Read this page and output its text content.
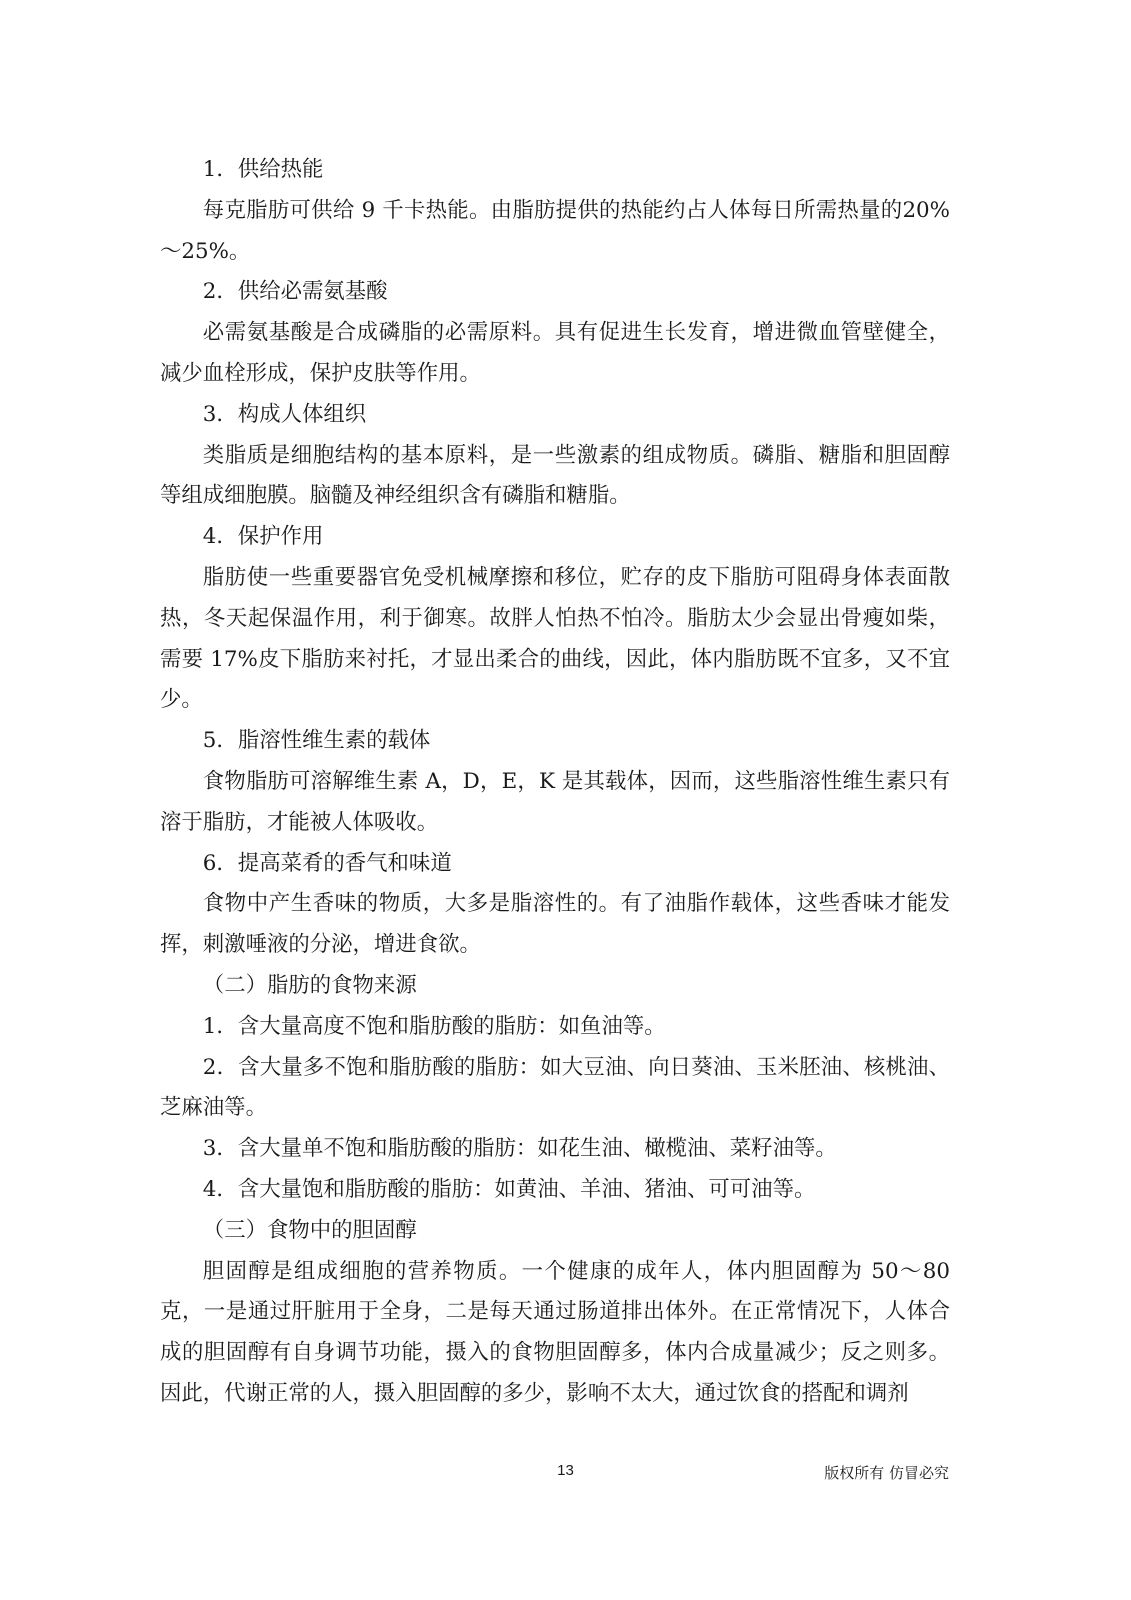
1．供给热能

每克脂肪可供给 9 千卡热能。由脂肪提供的热能约占人体每日所需热量的20%～25%。

2．供给必需氨基酸

必需氨基酸是合成磷脂的必需原料。具有促进生长发育，增进微血管壁健全，减少血栓形成，保护皮肤等作用。

3．构成人体组织

类脂质是细胞结构的基本原料，是一些激素的组成物质。磷脂、糖脂和胆固醇等组成细胞膜。脑髓及神经组织含有磷脂和糖脂。

4．保护作用

脂肪使一些重要器官免受机械摩擦和移位，贮存的皮下脂肪可阻碍身体表面散热，冬天起保温作用，利于御寒。故胖人怕热不怕冷。脂肪太少会显出骨瘦如柴，需要 17%皮下脂肪来衬托，才显出柔合的曲线，因此，体内脂肪既不宜多，又不宜少。

5．脂溶性维生素的载体

食物脂肪可溶解维生素 A，D，E，K 是其载体，因而，这些脂溶性维生素只有溶于脂肪，才能被人体吸收。

6．提高菜肴的香气和味道

食物中产生香味的物质，大多是脂溶性的。有了油脂作载体，这些香味才能发挥，刺激唾液的分泌，增进食欲。

（二）脂肪的食物来源

1．含大量高度不饱和脂肪酸的脂肪：如鱼油等。

2．含大量多不饱和脂肪酸的脂肪：如大豆油、向日葵油、玉米胚油、核桃油、芝麻油等。

3．含大量单不饱和脂肪酸的脂肪：如花生油、橄榄油、菜籽油等。

4．含大量饱和脂肪酸的脂肪：如黄油、羊油、猪油、可可油等。

（三）食物中的胆固醇

胆固醇是组成细胞的营养物质。一个健康的成年人，体内胆固醇为 50～80 克，一是通过肝脏用于全身，二是每天通过肠道排出体外。在正常情况下，人体合成的胆固醇有自身调节功能，摄入的食物胆固醇多，体内合成量减少；反之则多。因此，代谢正常的人，摄入胆固醇的多少，影响不太大，通过饮食的搭配和调剂

13	版权所有 仿冒必究
